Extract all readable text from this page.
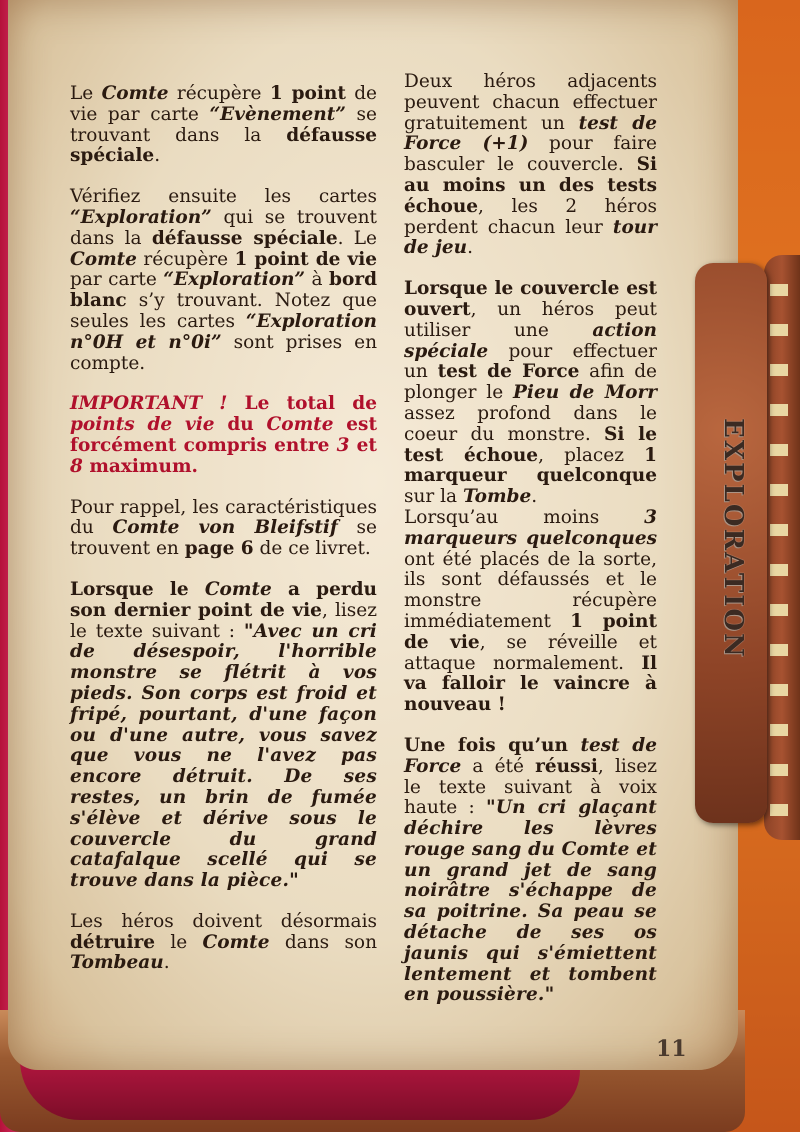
Le Comte récupère 1 point de vie par carte “Evènement” se trouvant dans la défausse spéciale.

Vérifiez ensuite les cartes “Exploration” qui se trouvent dans la défausse spéciale. Le Comte récupère 1 point de vie par carte “Exploration” à bord blanc s’y trouvant. Notez que seules les cartes “Exploration n°0H et n°0i” sont prises en compte.

IMPORTANT ! Le total de points de vie du Comte est forcément compris entre 3 et 8 maximum.

Pour rappel, les caractéristiques du Comte von Bleifstif se trouvent en page 6 de ce livret.

Lorsque le Comte a perdu son dernier point de vie, lisez le texte suivant : "Avec un cri de désespoir, l'horrible monstre se flétrit à vos pieds. Son corps est froid et fripé, pourtant, d'une façon ou d'une autre, vous savez que vous ne l'avez pas encore détruit. De ses restes, un brin de fumée s'élève et dérive sous le couvercle du grand catafalque scellé qui se trouve dans la pièce."

Les héros doivent désormais détruire le Comte dans son Tombeau.

Deux héros adjacents peuvent chacun effectuer gratuitement un test de Force (+1) pour faire basculer le couvercle. Si au moins un des tests échoue, les 2 héros perdent chacun leur tour de jeu.

Lorsque le couvercle est ouvert, un héros peut utiliser une action spéciale pour effectuer un test de Force afin de plonger le Pieu de Morr assez profond dans le coeur du monstre. Si le test échoue, placez 1 marqueur quelconque sur la Tombe.

Lorsqu’au moins 3 marqueurs quelconques ont été placés de la sorte, ils sont défaussés et le monstre récupère immédiatement 1 point de vie, se réveille et attaque normalement. Il va falloir le vaincre à nouveau !

Une fois qu’un test de Force a été réussi, lisez le texte suivant à voix haute : "Un cri glaçant déchire les lèvres rouge sang du Comte et un grand jet de sang noirâtre s'échappe de sa poitrine. Sa peau se détache de ses os jaunis qui s'émiettent lentement et tombent en poussière."

EXPLORATION
11
